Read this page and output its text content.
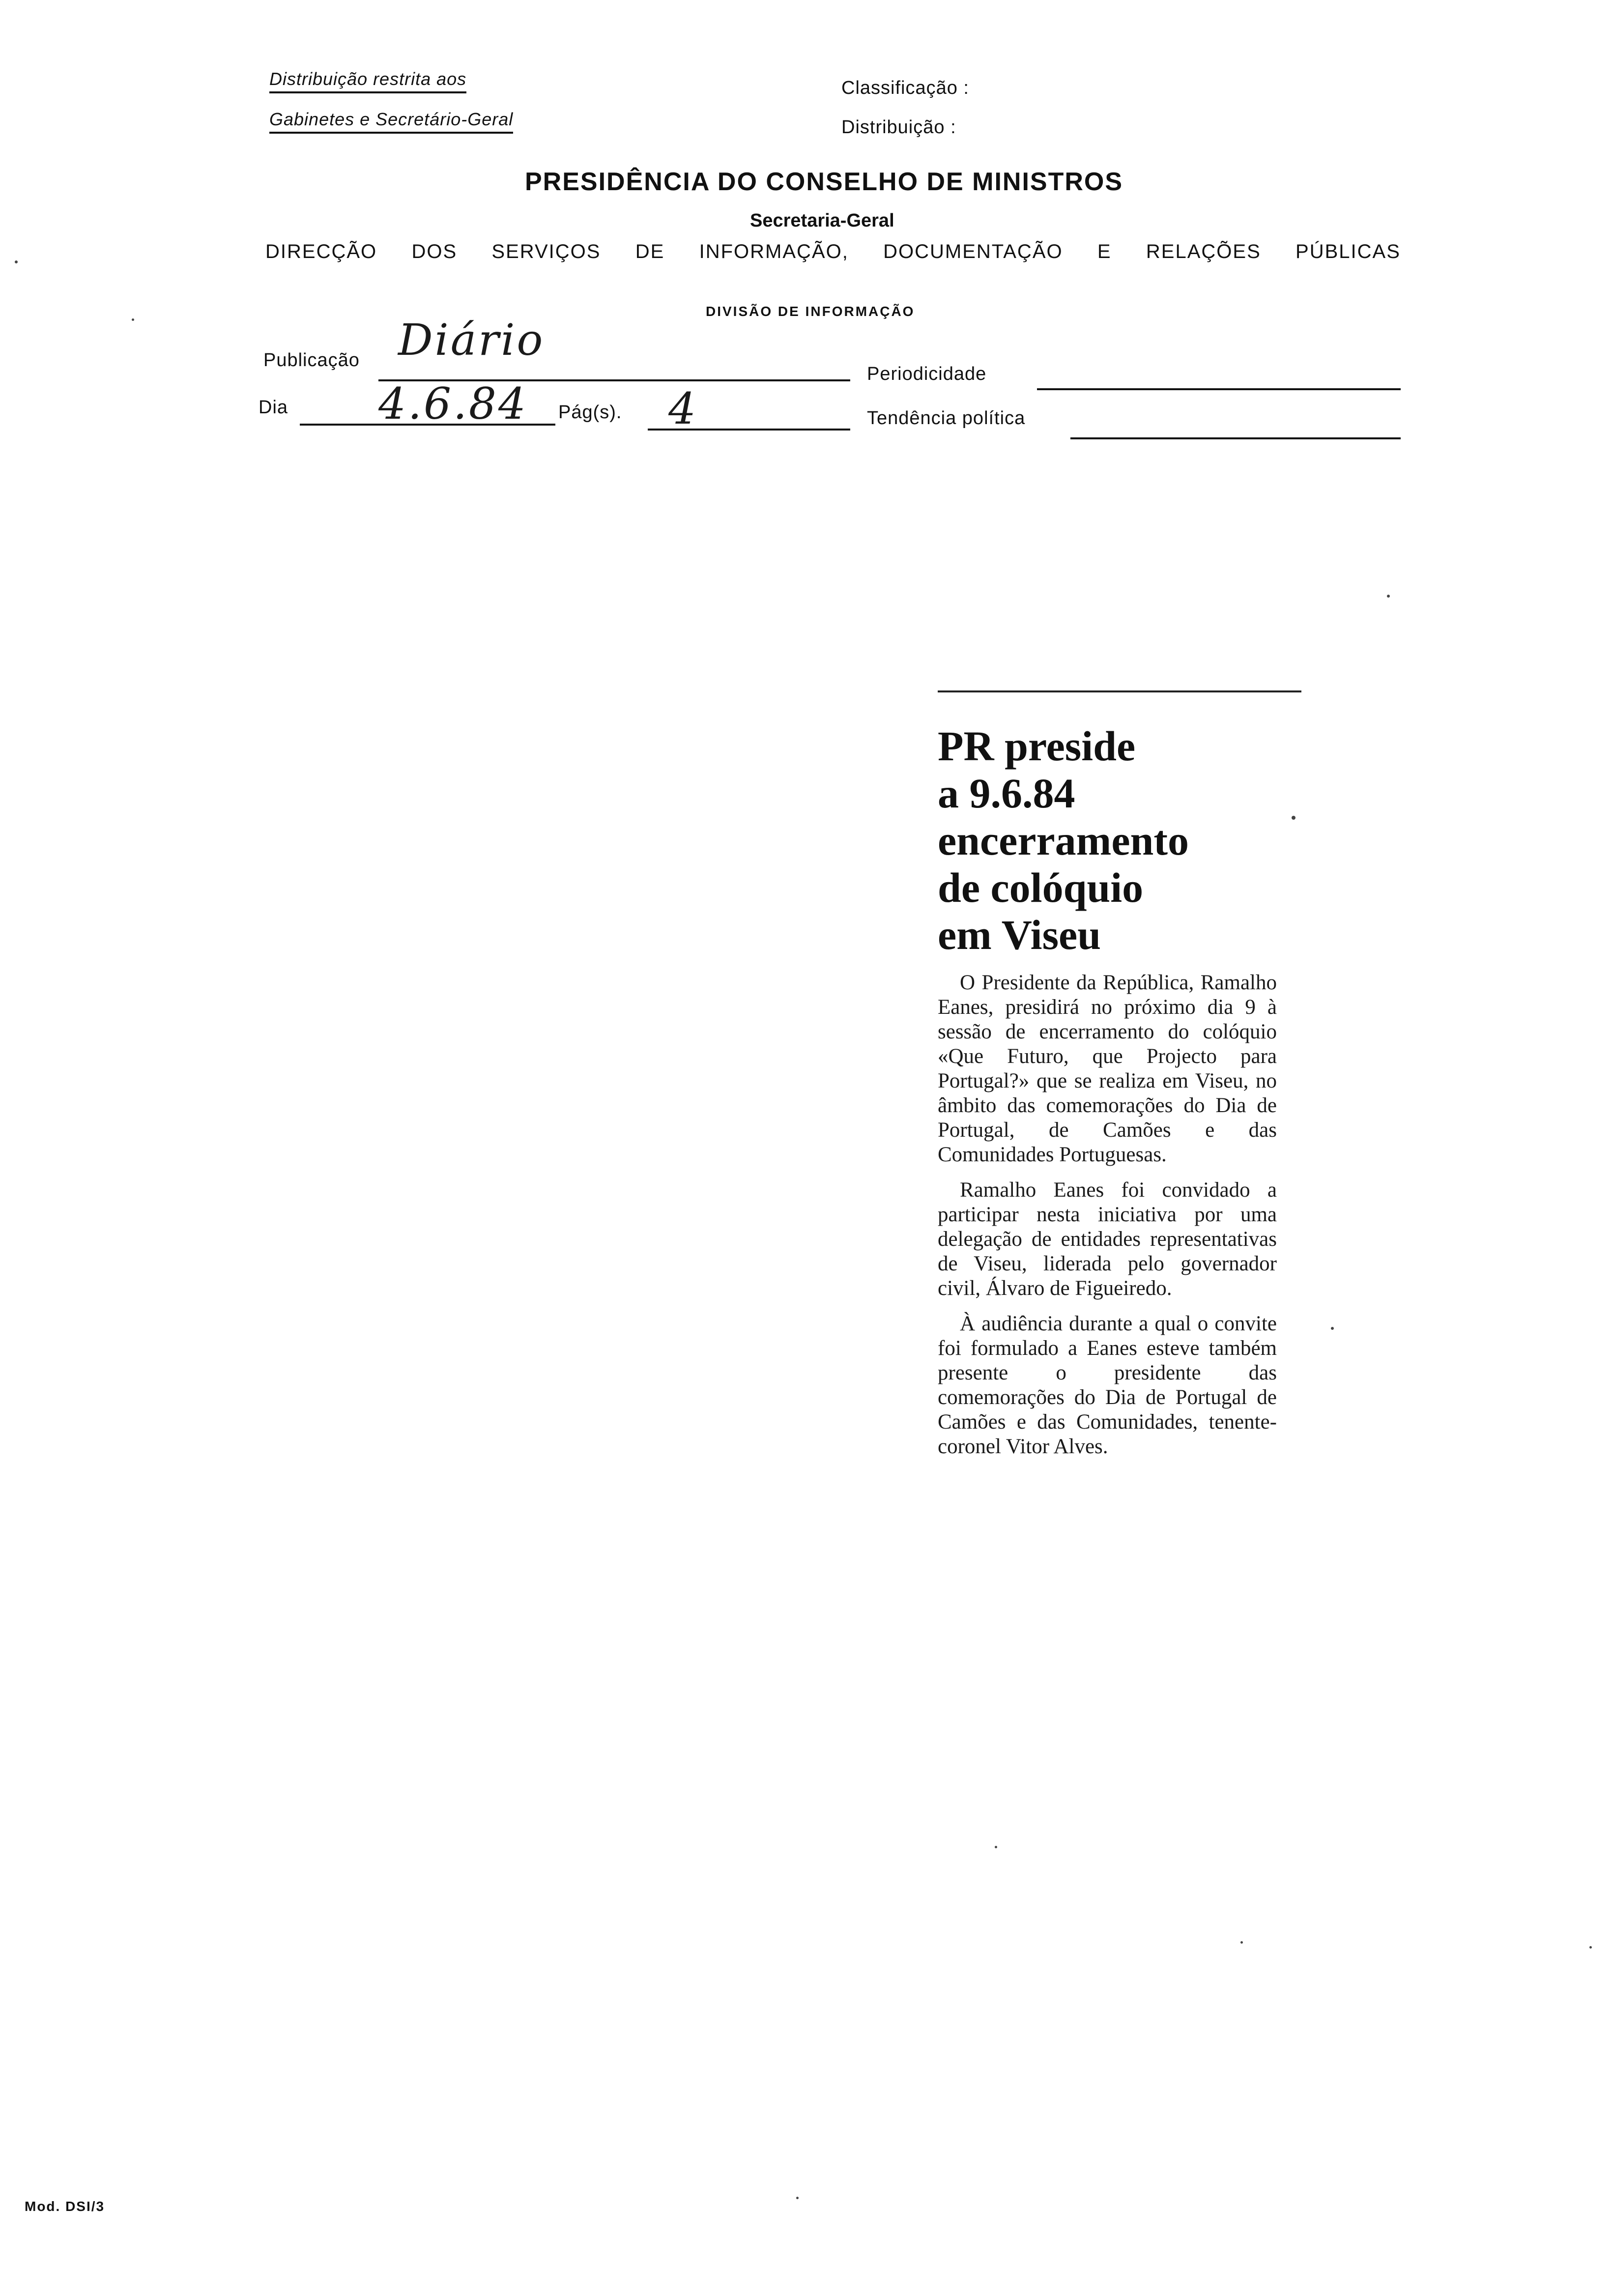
Distribuição restrita aos
Gabinetes e Secretário-Geral
Classificação :
Distribuição :
PRESIDÊNCIA DO CONSELHO DE MINISTROS
Secretaria-Geral
DIRECÇÃO DOS SERVIÇOS DE INFORMAÇÃO, DOCUMENTAÇÃO E RELAÇÕES PÚBLICAS
DIVISÃO DE INFORMAÇÃO
Publicação Diário
Periodicidade
Dia 4.6.84 Pág(s). 4	Tendência política
PR preside
a 9.6.84
encerramento
de colóquio
em Viseu

O Presidente da República, Ramalho Eanes, presidirá no próximo dia 9 à sessão de encerramento do colóquio «Que Futuro, que Projecto para Portugal?» que se realiza em Viseu, no âmbito das comemorações do Dia de Portugal, de Camões e das Comunidades Portuguesas.

Ramalho Eanes foi convidado a participar nesta iniciativa por uma delegação de entidades representativas de Viseu, liderada pelo governador civil, Álvaro de Figueiredo.

À audiência durante a qual o convite foi formulado a Eanes esteve também presente o presidente das comemorações do Dia de Portugal de Camões e das Comunidades, tenente-coronel Vitor Alves.

Mod. DSI/3
